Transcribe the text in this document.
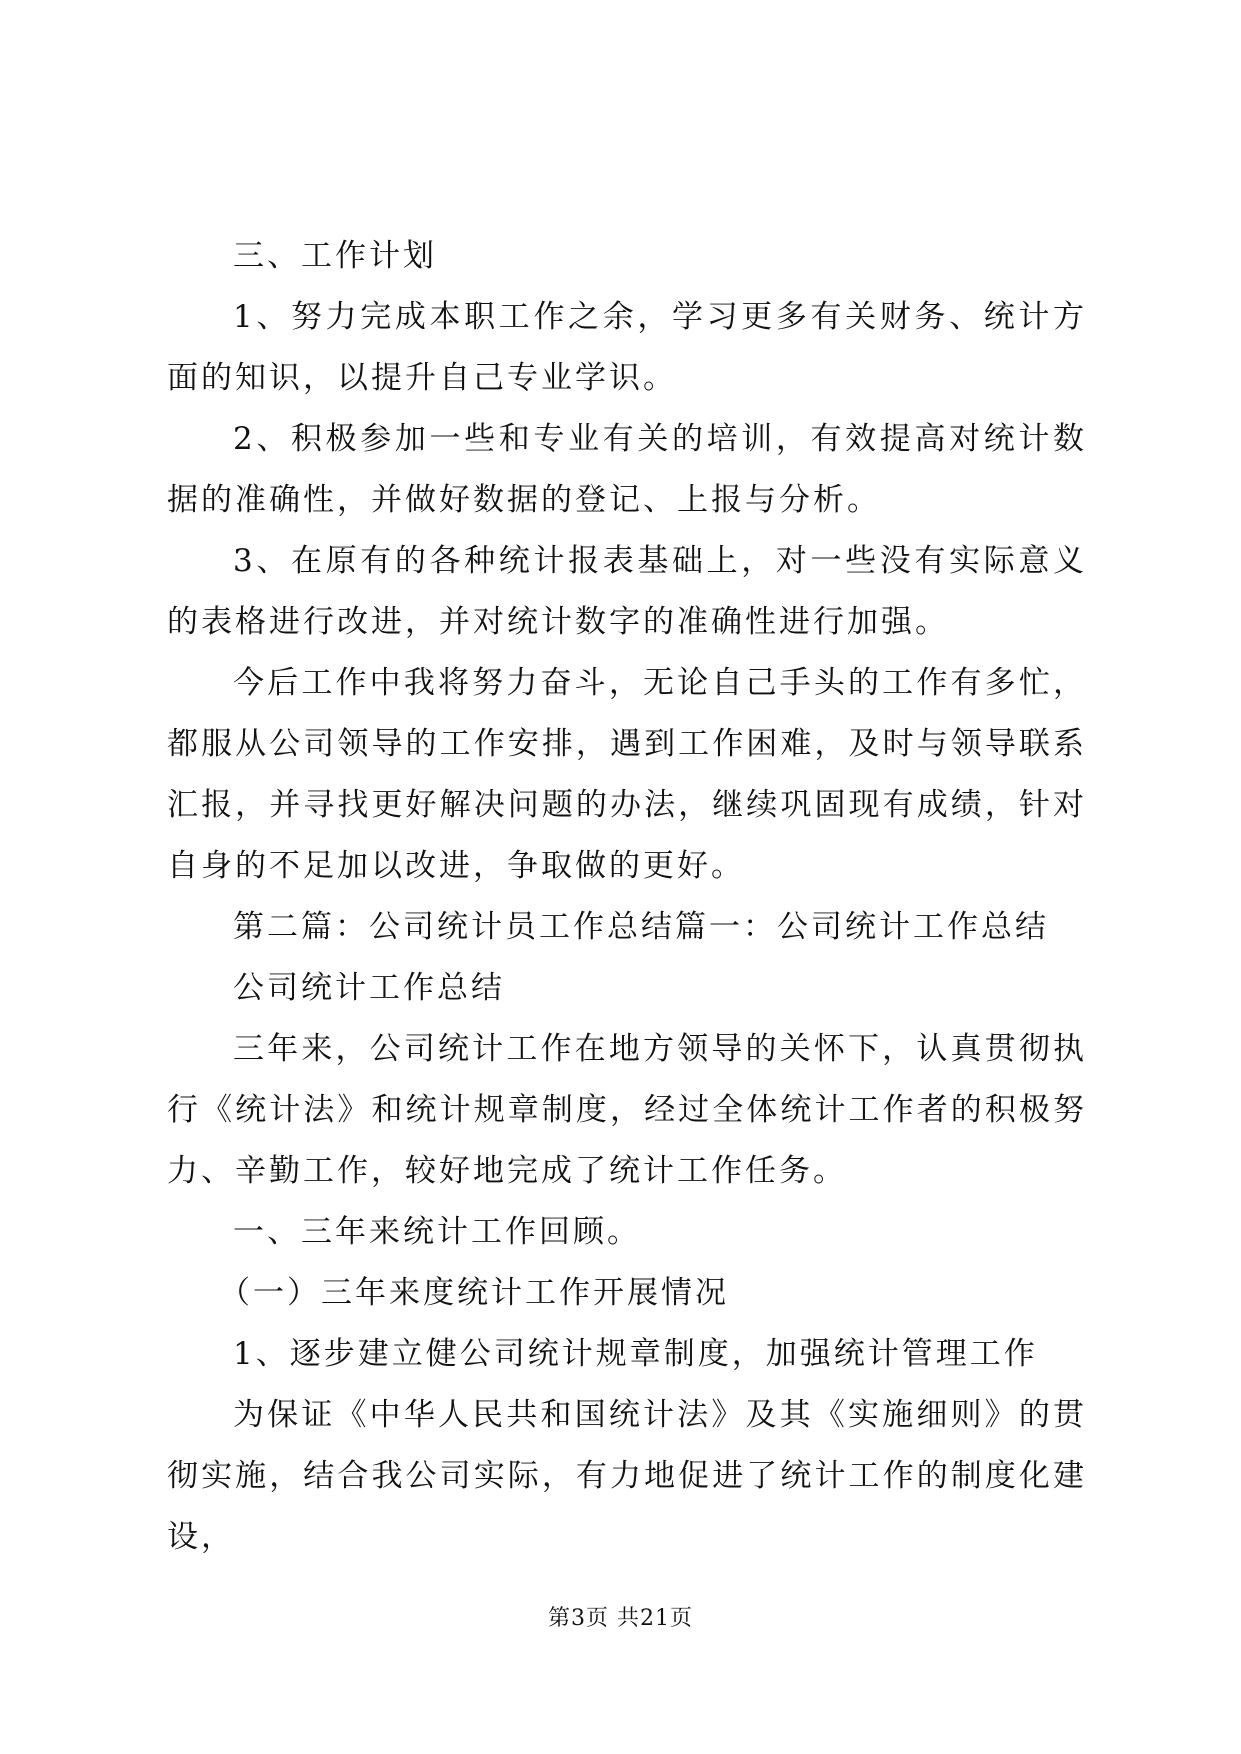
三、工作计划

1、努力完成本职工作之余，学习更多有关财务、统计方面的知识，以提升自己专业学识。

2、积极参加一些和专业有关的培训，有效提高对统计数据的准确性，并做好数据的登记、上报与分析。

3、在原有的各种统计报表基础上，对一些没有实际意义的表格进行改进，并对统计数字的准确性进行加强。

今后工作中我将努力奋斗，无论自己手头的工作有多忙，都服从公司领导的工作安排，遇到工作困难，及时与领导联系汇报，并寻找更好解决问题的办法，继续巩固现有成绩，针对自身的不足加以改进，争取做的更好。

第二篇：公司统计员工作总结篇一：公司统计工作总结

公司统计工作总结

三年来，公司统计工作在地方领导的关怀下，认真贯彻执行《统计法》和统计规章制度，经过全体统计工作者的积极努力、辛勤工作，较好地完成了统计工作任务。

一、三年来统计工作回顾。

（一）三年来度统计工作开展情况

1、逐步建立健公司统计规章制度，加强统计管理工作

为保证《中华人民共和国统计法》及其《实施细则》的贯彻实施，结合我公司实际，有力地促进了统计工作的制度化建设，

第3页 共21页
